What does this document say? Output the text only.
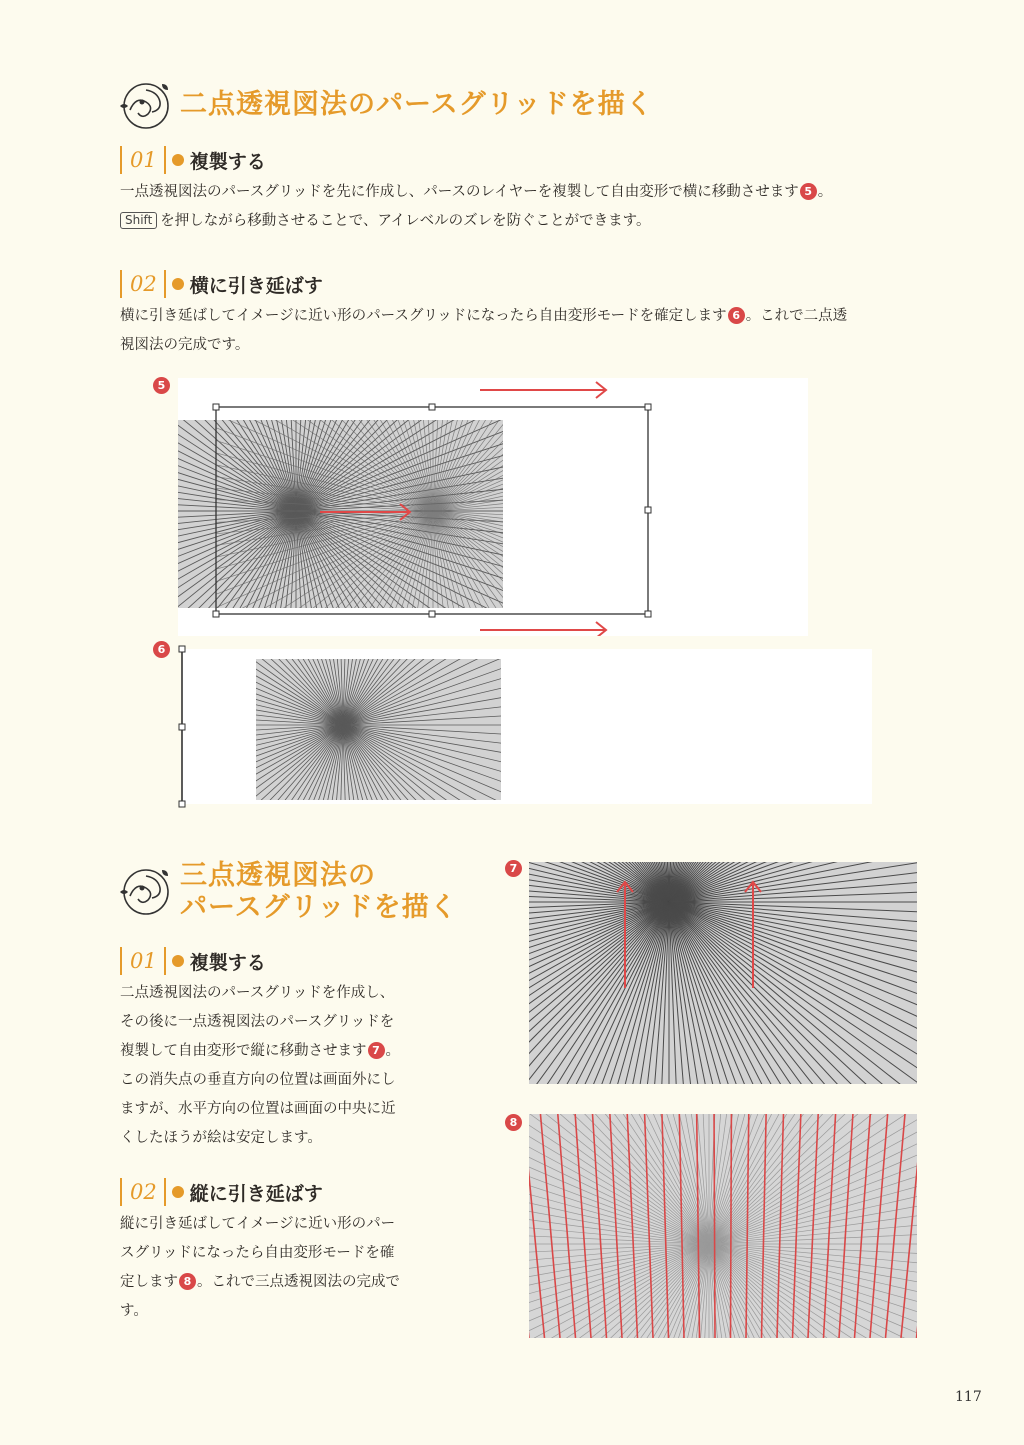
二点透視図法のパースグリッドを描く
01	複製する
一点透視図法のパースグリッドを先に作成し、パースのレイヤーを複製して自由変形で横に移動させます 5 。
Shift を押しながら移動させることで、アイレベルのズレを防ぐことができます。
02	横に引き延ばす
横に引き延ばしてイメージに近い形のパースグリッドになったら自由変形モードを確定します 6 。これで二点透
視図法の完成です。
5
6
三点透視図法の
パースグリッドを描く
01	複製する
二点透視図法のパースグリッドを作成し、
その後に一点透視図法のパースグリッドを
複製して自由変形で縦に移動させます 7 。
この消失点の垂直方向の位置は画面外にし
ますが、水平方向の位置は画面の中央に近
くしたほうが絵は安定します。
02	縦に引き延ばす
縦に引き延ばしてイメージに近い形のパー
スグリッドになったら自由変形モードを確
定します 8 。これで三点透視図法の完成で
す。
7
8
117
